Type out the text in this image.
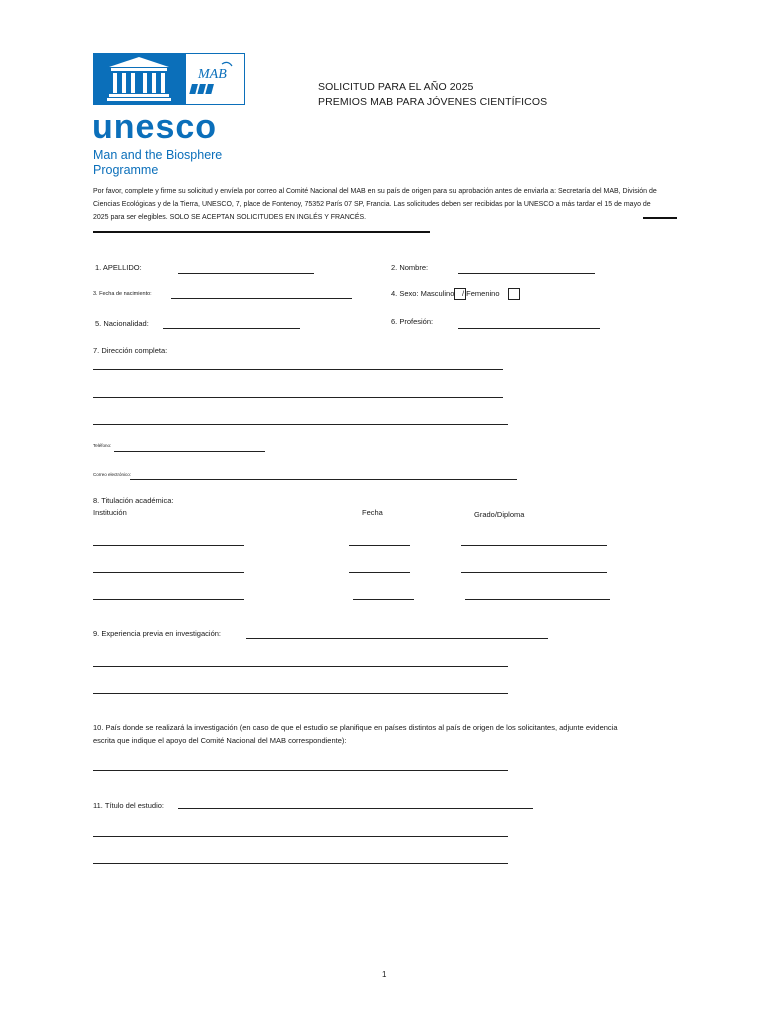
MAB
unesco
Man and the Biosphere
Programme
SOLICITUD PARA EL AÑO 2025
PREMIOS MAB PARA JÓVENES CIENTÍFICOS
Por favor, complete y firme su solicitud y envíela por correo al Comité Nacional del MAB en su país de origen para su aprobación antes de enviarla a: Secretaría del MAB, División de
Ciencias Ecológicas y de la Tierra, UNESCO, 7, place de Fontenoy, 75352 París 07 SP, Francia. Las solicitudes deben ser recibidas por la UNESCO a más tardar el 15 de mayo de
2025 para ser elegibles. SOLO SE ACEPTAN SOLICITUDES EN INGLÉS Y FRANCÉS.
1. APELLIDO:	2. Nombre:
3. Fecha de nacimiento:	4. Sexo: Masculino / Femenino
5. Nacionalidad:	6. Profesión:
7. Dirección completa:
Teléfono:
Correo electrónico:
8. Titulación académica:
Institución	Fecha	Grado/Diploma
9. Experiencia previa en investigación:
10. País donde se realizará la investigación (en caso de que el estudio se planifique en países distintos al país de origen de los solicitantes, adjunte evidencia
escrita que indique el apoyo del Comité Nacional del MAB correspondiente):
11. Título del estudio:
1
